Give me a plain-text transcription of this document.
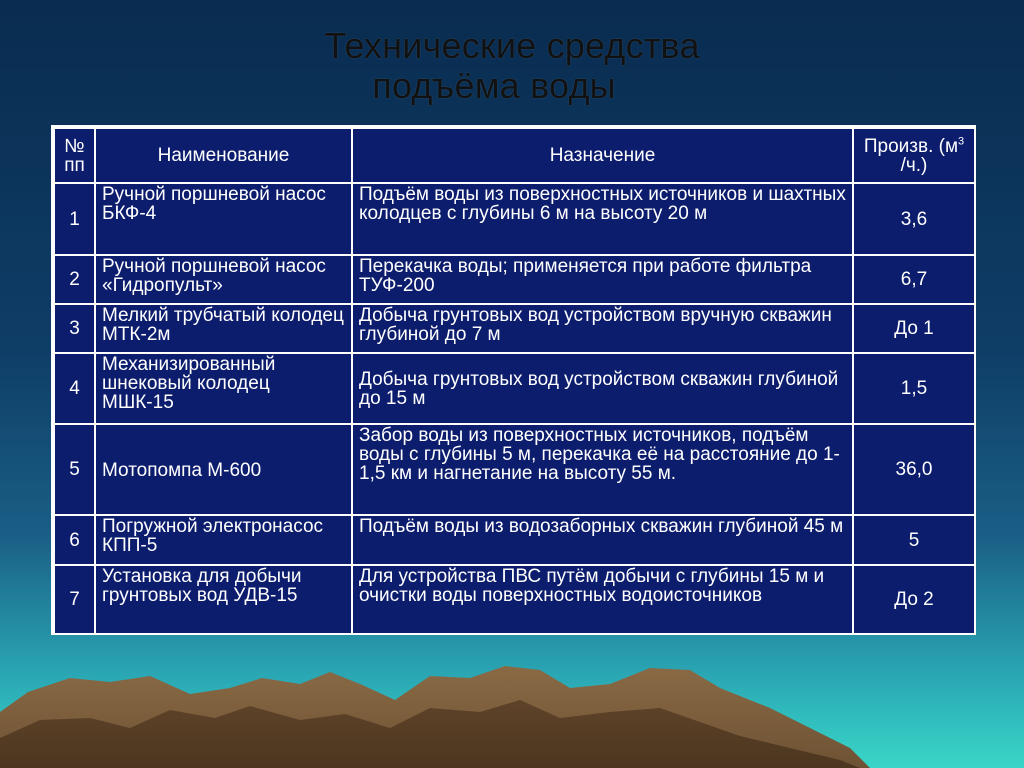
Технические средства
подъёма воды
№ пп	Наименование	Назначение	Произв. ($м^3$ /ч.)
1	Ручной поршневой насос БКФ-4	Подъём воды из поверхностных источников и шахтных колодцев с глубины 6 м на высоту 20 м	3,6
2	Ручной поршневой насос «Гидропульт»	Перекачка воды; применяется при работе фильтра ТУФ-200	6,7
3	Мелкий трубчатый колодец МТК-2м	Добыча грунтовых вод устройством вручную скважин глубиной до 7 м	До 1
4	Механизированный шнековый колодец МШК-15	Добыча грунтовых вод устройством скважин глубиной до 15 м	1,5
5	Мотопомпа М-600	Забор воды из поверхностных источников, подъём воды с глубины 5 м, перекачка её на расстояние до 1-1,5 км и нагнетание на высоту 55 м.	36,0
6	Погружной электронасос КПП-5	Подъём воды из водозаборных скважин глубиной 45 м	5
7	Установка для добычи грунтовых вод УДВ-15	Для устройства ПВС путём добычи с глубины 15 м и очистки воды поверхностных водоисточников	До 2
